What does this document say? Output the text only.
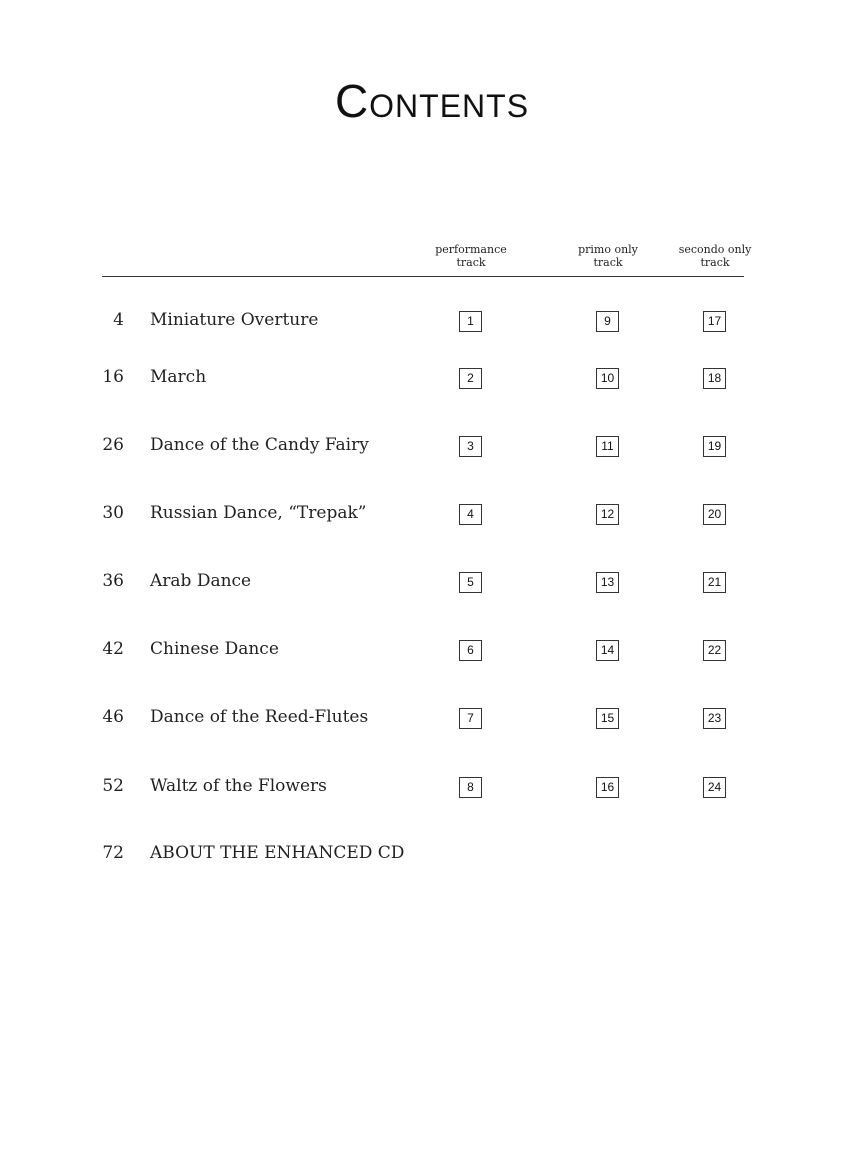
Contents
performance
track
primo only
track
secondo only
track
4 Miniature Overture	1	9	17
16 March	2	10	18
26 Dance of the Candy Fairy	3	11	19
30 Russian Dance, “Trepak”	4	12	20
36 Arab Dance	5	13	21
42 Chinese Dance	6	14	22
46 Dance of the Reed-Flutes	7	15	23
52 Waltz of the Flowers	8	16	24
72 ABOUT THE ENHANCED CD
